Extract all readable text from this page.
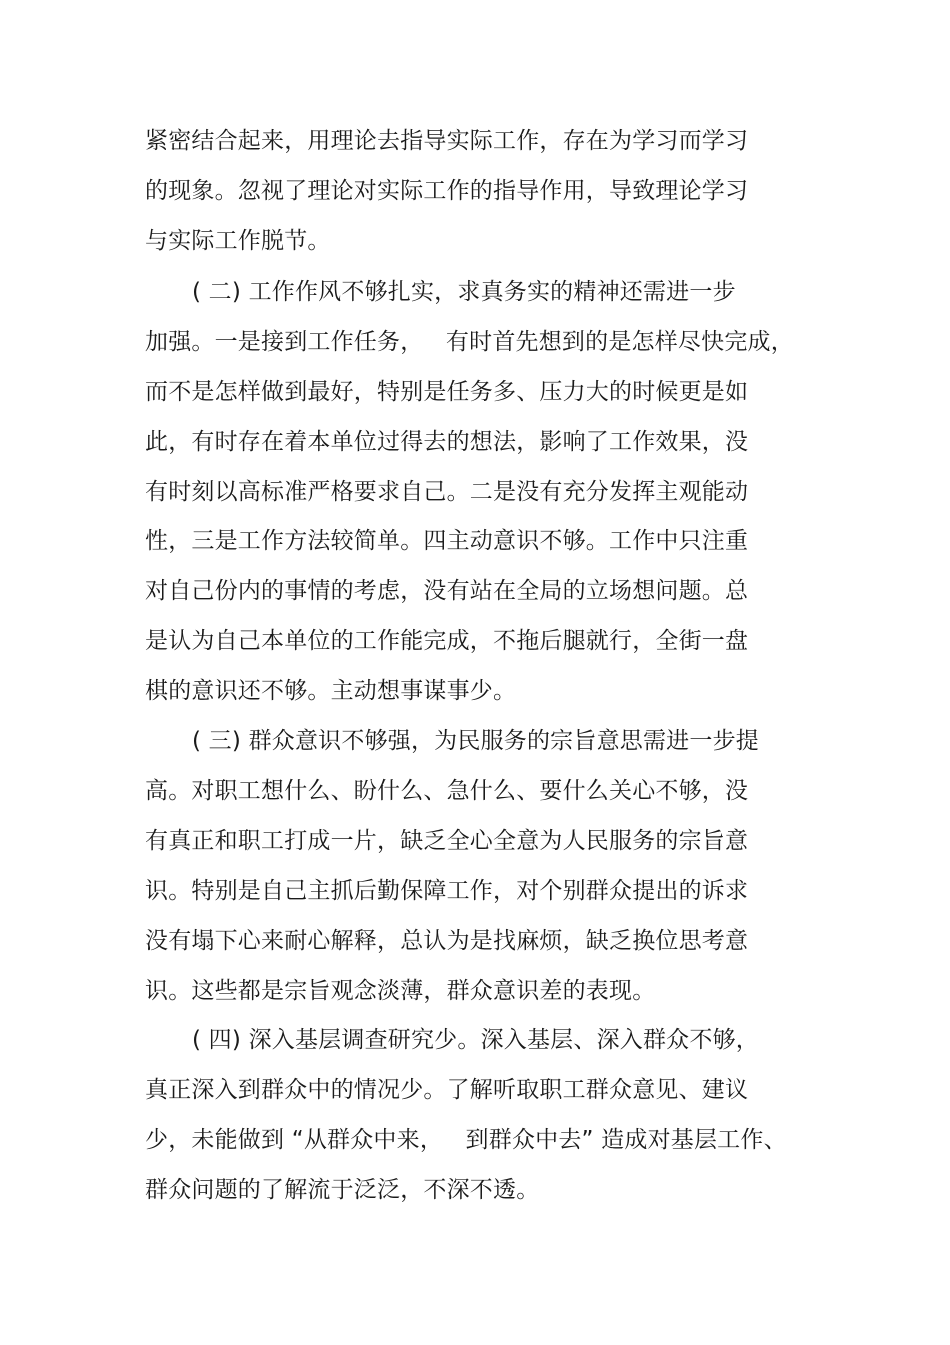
紧密结合起来，用理论去指导实际工作，存在为学习而学习
的现象。忽视了理论对实际工作的指导作用，导致理论学习
与实际工作脱节。
( 二) 工作作风不够扎实，求真务实的精神还需进一步
加强。一是接到工作任务，   有时首先想到的是怎样尽快完成，
而不是怎样做到最好，特别是任务多、压力大的时候更是如
此，有时存在着本单位过得去的想法，影响了工作效果，没
有时刻以高标准严格要求自己。二是没有充分发挥主观能动
性，三是工作方法较简单。四主动意识不够。工作中只注重
对自己份内的事情的考虑，没有站在全局的立场想问题。总
是认为自己本单位的工作能完成，不拖后腿就行，全街一盘
棋的意识还不够。主动想事谋事少。
( 三) 群众意识不够强，为民服务的宗旨意思需进一步提
高。对职工想什么、盼什么、急什么、要什么关心不够，没
有真正和职工打成一片，缺乏全心全意为人民服务的宗旨意
识。特别是自己主抓后勤保障工作，对个别群众提出的诉求
没有塌下心来耐心解释，总认为是找麻烦，缺乏换位思考意
识。这些都是宗旨观念淡薄，群众意识差的表现。
( 四) 深入基层调查研究少。深入基层、深入群众不够，
真正深入到群众中的情况少。了解听取职工群众意见、建议
少，未能做到 “从群众中来，   到群众中去” 造成对基层工作、
群众问题的了解流于泛泛，不深不透。
